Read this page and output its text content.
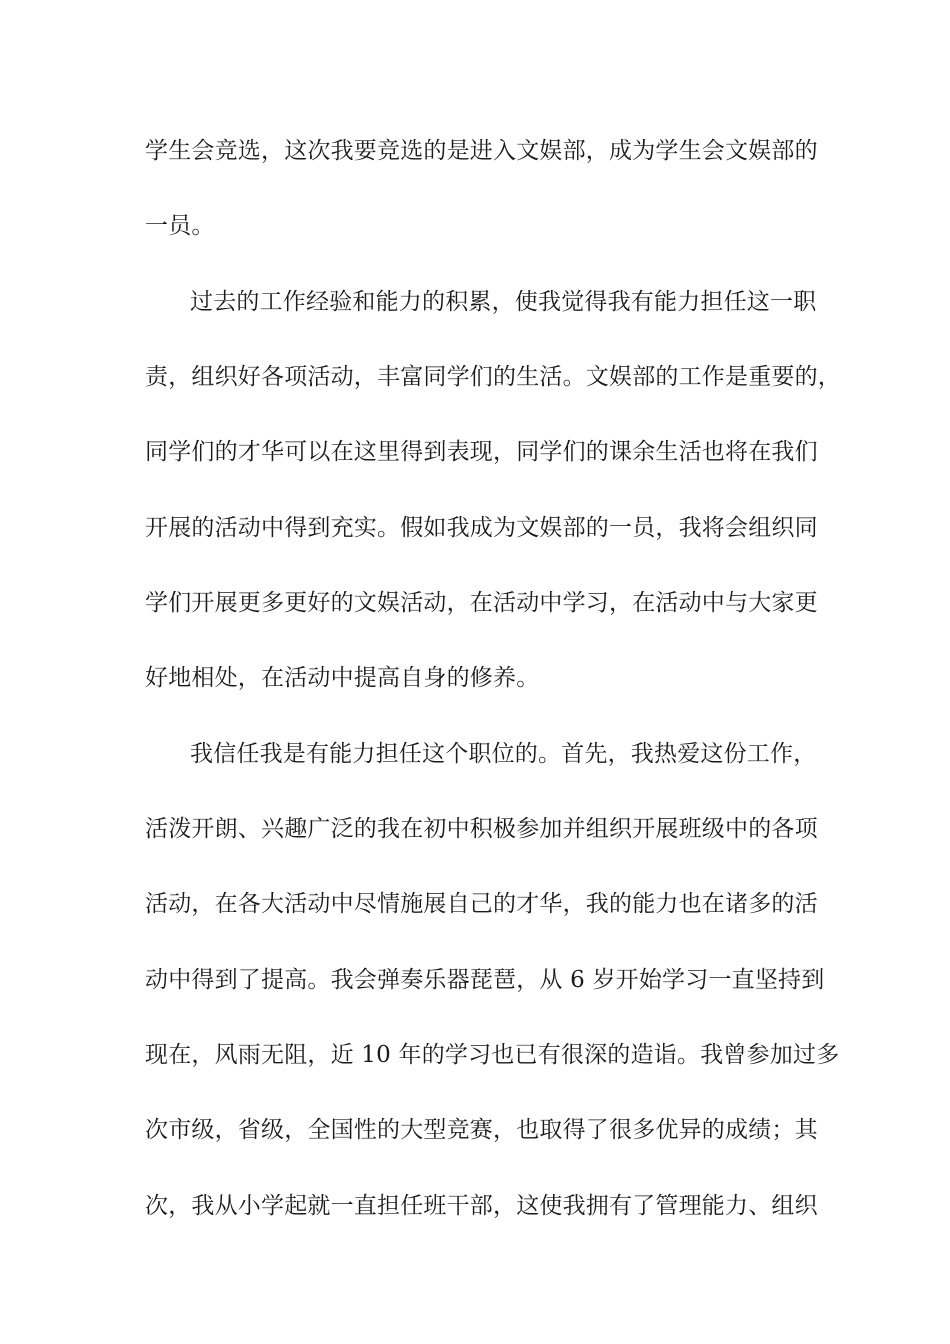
学生会竞选，这次我要竞选的是进入文娱部，成为学生会文娱部的
一员。
过去的工作经验和能力的积累，使我觉得我有能力担任这一职
责，组织好各项活动，丰富同学们的生活。文娱部的工作是重要的，
同学们的才华可以在这里得到表现，同学们的课余生活也将在我们
开展的活动中得到充实。假如我成为文娱部的一员，我将会组织同
学们开展更多更好的文娱活动，在活动中学习，在活动中与大家更
好地相处，在活动中提高自身的修养。
我信任我是有能力担任这个职位的。首先，我热爱这份工作，
活泼开朗、兴趣广泛的我在初中积极参加并组织开展班级中的各项
活动，在各大活动中尽情施展自己的才华，我的能力也在诸多的活
动中得到了提高。我会弹奏乐器琵琶，从 6 岁开始学习一直坚持到
现在，风雨无阻，近 10 年的学习也已有很深的造诣。我曾参加过多
次市级，省级，全国性的大型竞赛，也取得了很多优异的成绩；其
次，我从小学起就一直担任班干部，这使我拥有了管理能力、组织
